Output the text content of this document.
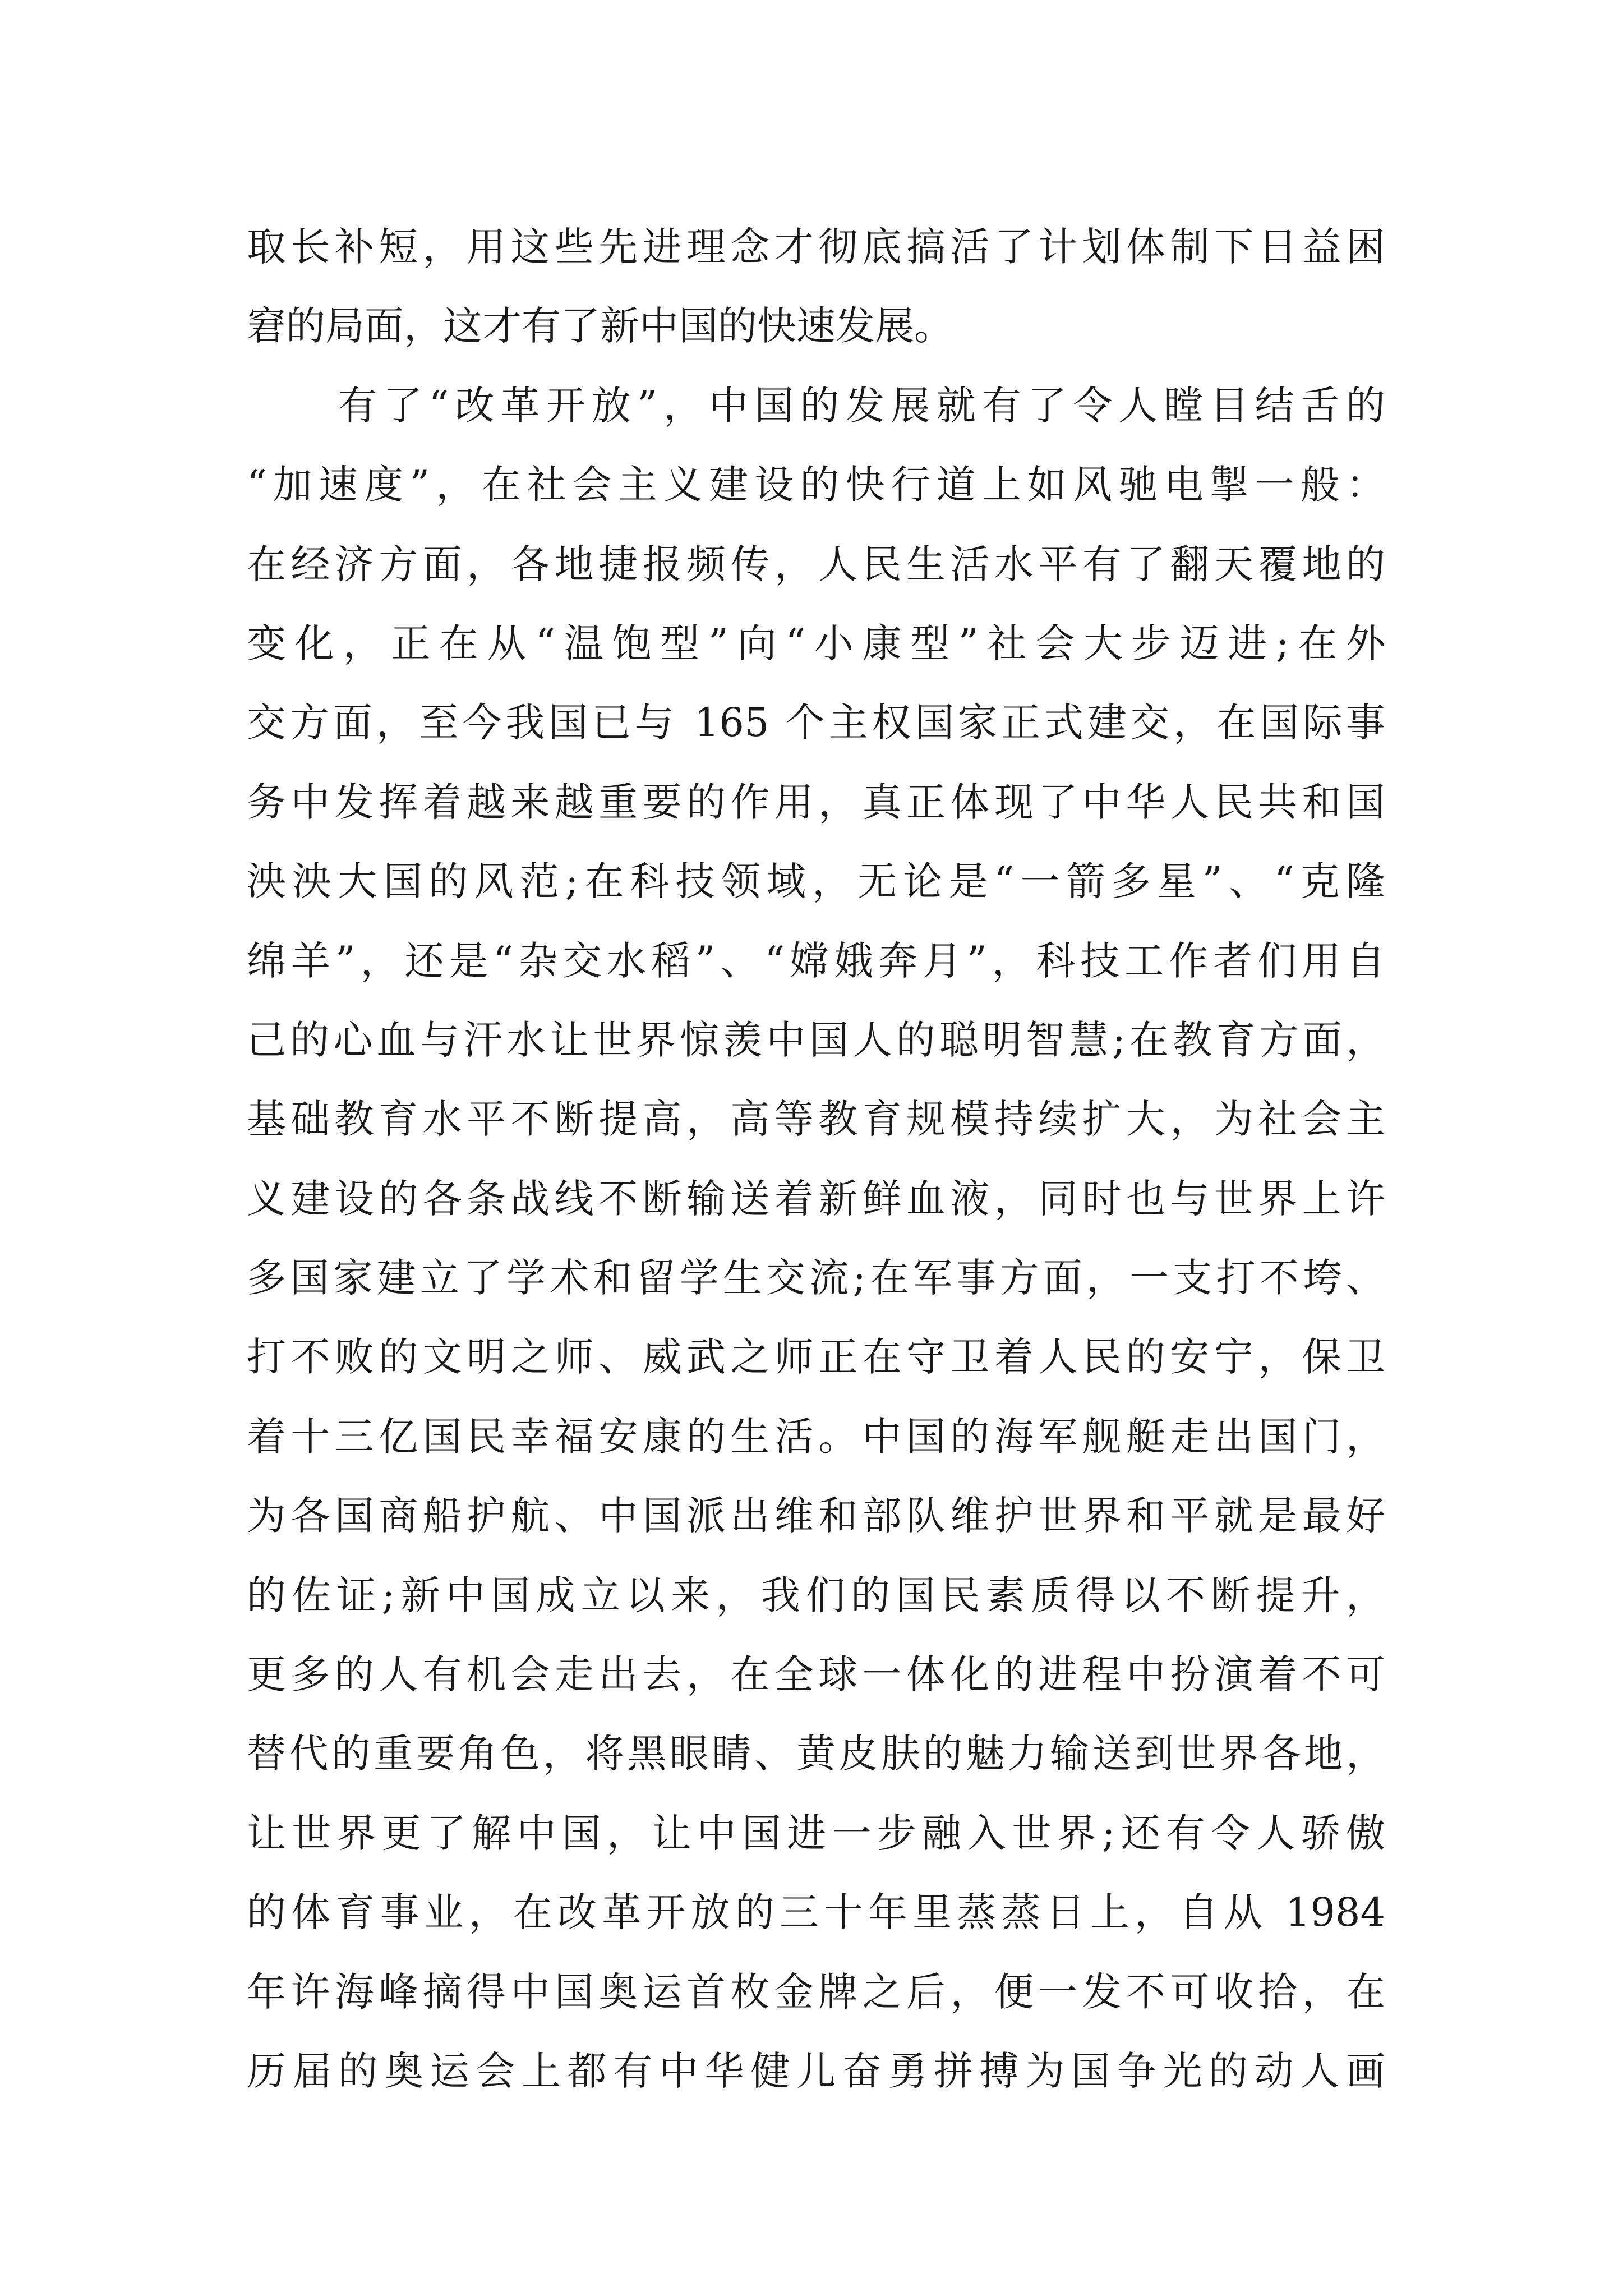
取长补短，用这些先进理念才彻底搞活了计划体制下日益困
窘的局面，这才有了新中国的快速发展。
　　有了“改革开放”，中国的发展就有了令人瞠目结舌的
“加速度”，在社会主义建设的快行道上如风驰电掣一般：
在经济方面，各地捷报频传，人民生活水平有了翻天覆地的
变化，正在从“温饱型”向“小康型”社会大步迈进;在外
交方面，至今我国已与 165 个主权国家正式建交，在国际事
务中发挥着越来越重要的作用，真正体现了中华人民共和国
泱泱大国的风范;在科技领域，无论是“一箭多星”、“克隆
绵羊”，还是“杂交水稻”、“嫦娥奔月”，科技工作者们用自
己的心血与汗水让世界惊羡中国人的聪明智慧;在教育方面，
基础教育水平不断提高，高等教育规模持续扩大，为社会主
义建设的各条战线不断输送着新鲜血液，同时也与世界上许
多国家建立了学术和留学生交流;在军事方面，一支打不垮、
打不败的文明之师、威武之师正在守卫着人民的安宁，保卫
着十三亿国民幸福安康的生活。中国的海军舰艇走出国门，
为各国商船护航、中国派出维和部队维护世界和平就是最好
的佐证;新中国成立以来，我们的国民素质得以不断提升，
更多的人有机会走出去，在全球一体化的进程中扮演着不可
替代的重要角色，将黑眼睛、黄皮肤的魅力输送到世界各地，
让世界更了解中国，让中国进一步融入世界;还有令人骄傲
的体育事业，在改革开放的三十年里蒸蒸日上，自从 1984
年许海峰摘得中国奥运首枚金牌之后，便一发不可收拾，在
历届的奥运会上都有中华健儿奋勇拼搏为国争光的动人画
